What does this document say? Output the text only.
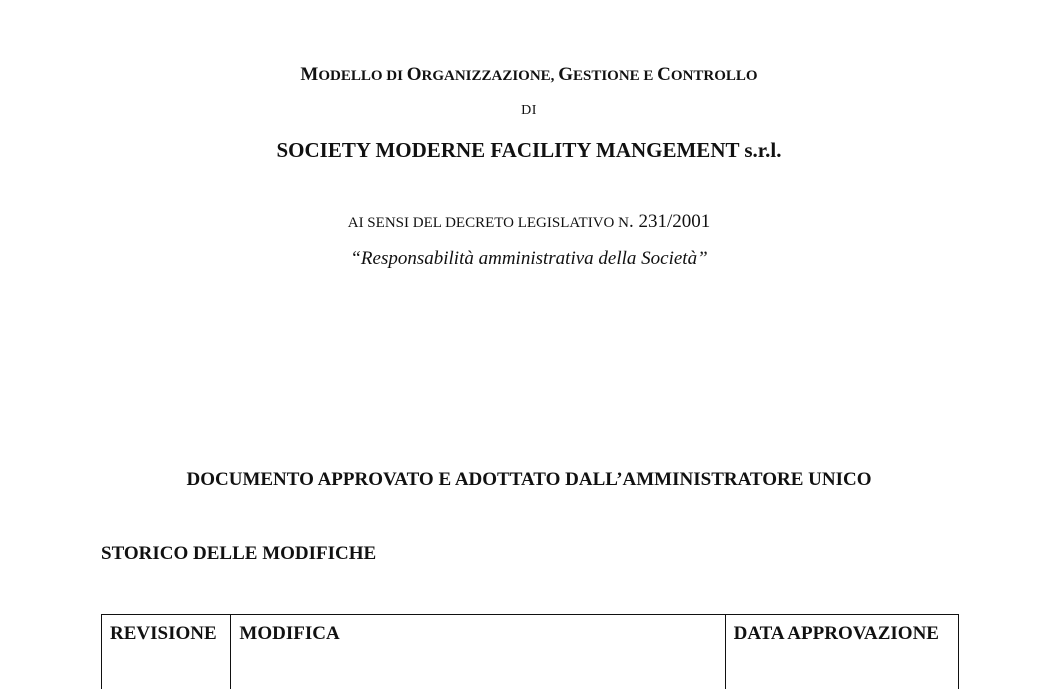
MODELLO DI ORGANIZZAZIONE, GESTIONE E CONTROLLO
DI
SOCIETY MODERNE FACILITY MANGEMENT s.r.l.
AI SENSI DEL DECRETO LEGISLATIVO N. 231/2001
“Responsabilità amministrativa della Società”
DOCUMENTO APPROVATO E ADOTTATO DALL’AMMINISTRATORE UNICO
STORICO DELLE MODIFICHE
REVISIONE	MODIFICA	DATA APPROVAZIONE
